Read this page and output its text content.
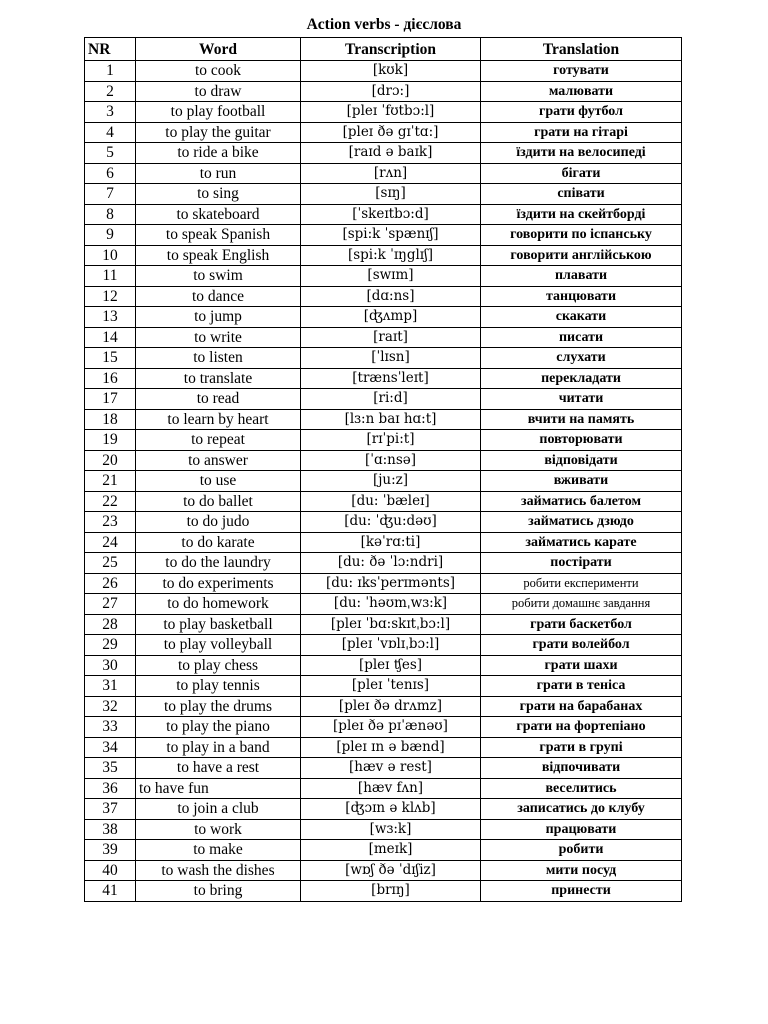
Action verbs - дієслова
NR	Word	Transcription	Translation
1	to cook	[kʊk]	готувати
2	to draw	[drɔ:]	малювати
3	to play football	[pleɪ ˈfʊtbɔ:l]	грати футбол
4	to play the guitar	[pleɪ ðə gɪˈtɑ:]	грати на гітарі
5	to ride a bike	[raɪd ə baɪk]	їздити на велосипеді
6	to run	[rʌn]	бігати
7	to sing	[sɪŋ]	співати
8	to skateboard	[ˈskeɪtbɔ:d]	їздити на скейтборді
9	to speak Spanish	[spi:k ˈspænɪʃ]	говорити по іспанську
10	to speak English	[spi:k ˈɪŋglɪʃ]	говорити англійською
11	to swim	[swɪm]	плавати
12	to dance	[dɑ:ns]	танцювати
13	to jump	[ʤʌmp]	скакати
14	to write	[raɪt]	писати
15	to listen	[ˈlɪsn]	слухати
16	to translate	[trænsˈleɪt]	перекладати
17	to read	[ri:d]	читати
18	to learn by heart	[lɜ:n baɪ hɑ:t]	вчити на память
19	to repeat	[rɪˈpi:t]	повторювати
20	to answer	[ˈɑ:nsə]	відповідати
21	to use	[ju:z]	вживати
22	to do ballet	[du: ˈbæleɪ]	займатись балетом
23	to do judo	[du: ˈʤu:dəʊ]	займатись дзюдо
24	to do karate	[kəˈrɑ:ti]	займатись карате
25	to do the laundry	[du: ðə ˈlɔ:ndri]	постірати
26	to do experiments	[du: ɪksˈperɪmənts]	робити експерименти
27	to do homework	[du: ˈhəʊmˌwɜ:k]	робити домашнє завдання
28	to play basketball	[pleɪ ˈbɑ:skɪtˌbɔ:l]	грати баскетбол
29	to play volleyball	[pleɪ ˈvɒlɪˌbɔ:l]	грати волейбол
30	to play chess	[pleɪ ʧes]	грати шахи
31	to play tennis	[pleɪ ˈtenɪs]	грати в теніса
32	to play the drums	[pleɪ ðə drʌmz]	грати на барабанах
33	to play the piano	[pleɪ ðə pɪˈænəʊ]	грати на фортепіано
34	to play in a band	[pleɪ ɪn ə bænd]	грати в групі
35	to have a rest	[hæv ə rest]	відпочивати
36	to have fun	[hæv fʌn]	веселитись
37	to join a club	[ʤɔɪn ə klʌb]	записатись до клубу
38	to work	[wɜ:k]	працювати
39	to make	[meɪk]	робити
40	to wash the dishes	[wɒʃ ðə ˈdɪʃiz]	мити посуд
41	to bring	[brɪŋ]	принести
